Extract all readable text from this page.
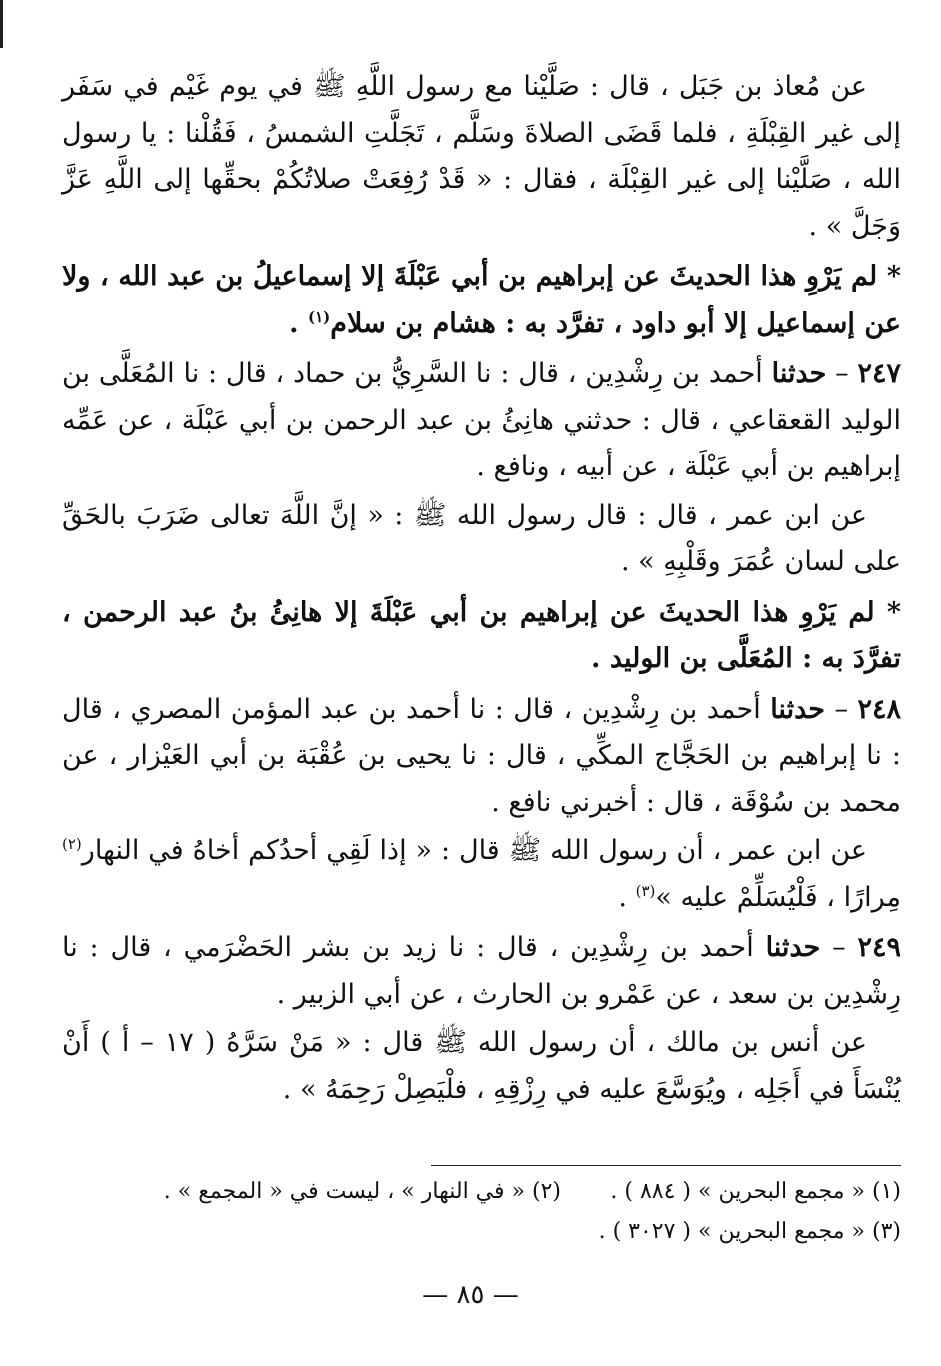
عن مُعاذ بن جَبَل ، قال : صَلَّيْنا مع رسول اللَّهِ ﷺ في يوم غَيْم في سَفَر إلى غير القِبْلَةِ ، فلما قَضَى الصلاةَ وسَلَّم ، تَجَلَّتِ الشمسُ ، فَقُلْنا : يا رسول الله ، صَلَّيْنا إلى غير القِبْلَة ، فقال : « قَدْ رُفِعَتْ صلاتُكُمْ بحقِّها إلى اللَّهِ عَزَّ وَجَلَّ » .

* لم يَرْوِ هذا الحديثَ عن إبراهيم بن أبي عَبْلَةَ إلا إسماعيلُ بن عبد الله ، ولا عن إسماعيل إلا أبو داود ، تفرَّد به : هشام بن سلام$^{(١)}$ .

٢٤٧ – حدثنا أحمد بن رِشْدِين ، قال : نا السَّرِيُّ بن حماد ، قال : نا المُعَلَّى بن الوليد القعقاعي ، قال : حدثني هانِئُ بن عبد الرحمن بن أبي عَبْلَة ، عن عَمِّه إبراهيم بن أبي عَبْلَة ، عن أبيه ، ونافع .

عن ابن عمر ، قال : قال رسول الله ﷺ : « إنَّ اللَّهَ تعالى ضَرَبَ بالحَقِّ على لسان عُمَرَ وقَلْبِهِ » .

* لم يَرْوِ هذا الحديثَ عن إبراهيم بن أبي عَبْلَةَ إلا هانِئُ بنُ عبد الرحمن ، تفرَّدَ به : المُعَلَّى بن الوليد .

٢٤٨ – حدثنا أحمد بن رِشْدِين ، قال : نا أحمد بن عبد المؤمن المصري ، قال : نا إبراهيم بن الحَجَّاج المكِّي ، قال : نا يحيى بن عُقْبَة بن أبي العَيْزار ، عن محمد بن سُوْقَة ، قال : أخبرني نافع .

عن ابن عمر ، أن رسول الله ﷺ قال : « إذا لَقِي أحدُكم أخاهُ في النهار$^{(٢)}$ مِرارًا ، فَلْيُسَلِّمْ عليه »$^{(٣)}$ .

٢٤٩ – حدثنا أحمد بن رِشْدِين ، قال : نا زيد بن بشر الحَضْرَمي ، قال : نا رِشْدِين بن سعد ، عن عَمْرو بن الحارث ، عن أبي الزبير .

عن أنس بن مالك ، أن رسول الله ﷺ قال : « مَنْ سَرَّهُ ( ١٧ – أ ) أَنْ يُنْسَأَ في أَجَلِه ، ويُوَسَّعَ عليه في رِزْقِهِ ، فلْيَصِلْ رَحِمَهُ » .

(١) « مجمع البحرين » ( ٨٨٤ ) .
(٢) « في النهار » ، ليست في « المجمع » .
(٣) « مجمع البحرين » ( ٣٠٢٧ ) .
— ٨٥ —
